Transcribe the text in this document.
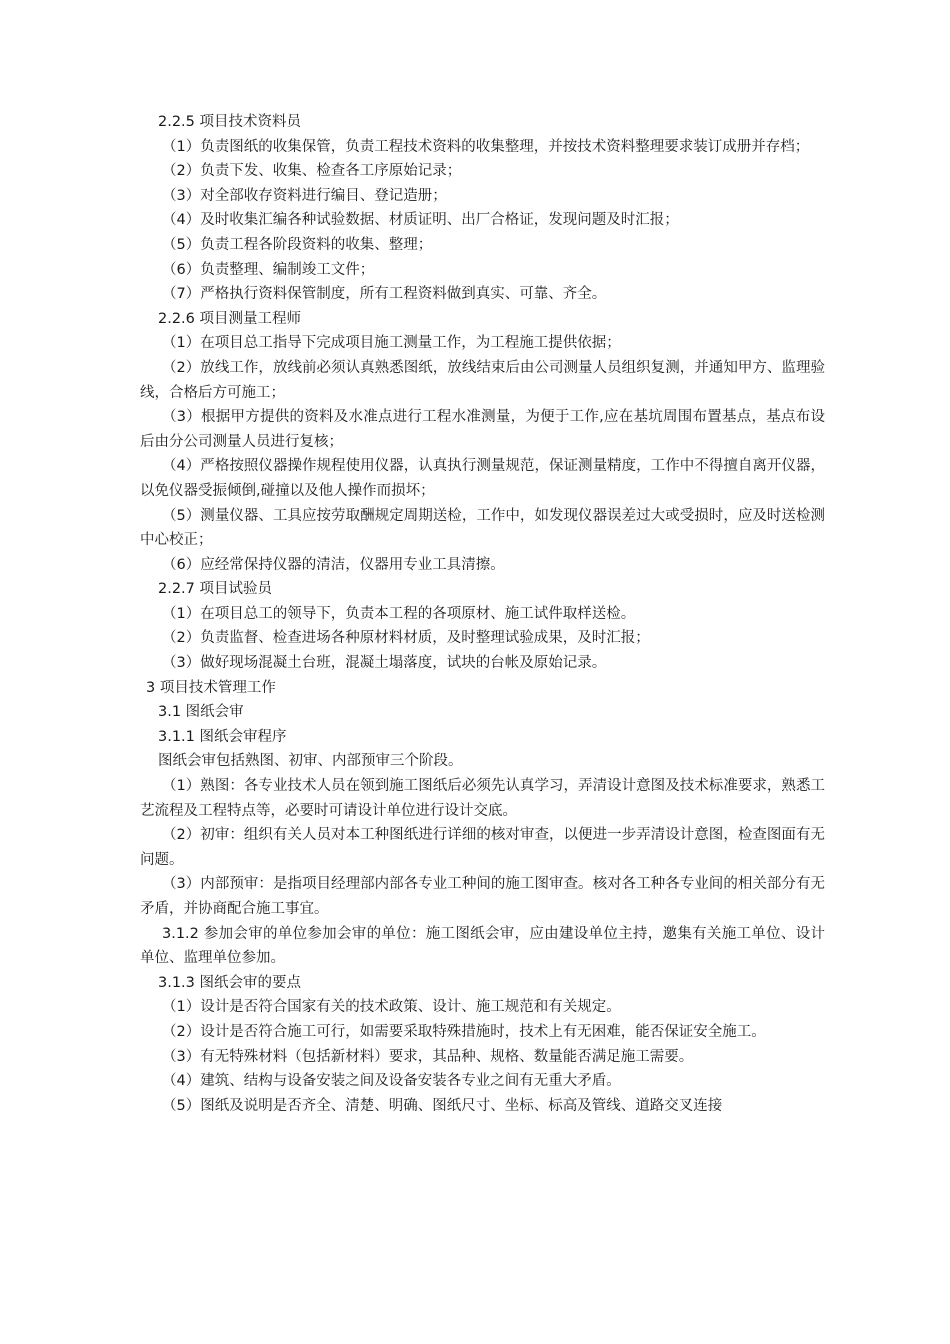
2.2.5 项目技术资料员

（1）负责图纸的收集保管，负责工程技术资料的收集整理，并按技术资料整理要求装订成册并存档；

（2）负责下发、收集、检查各工序原始记录；

（3）对全部收存资料进行编目、登记造册；

（4）及时收集汇编各种试验数据、材质证明、出厂合格证，发现问题及时汇报；

（5）负责工程各阶段资料的收集、整理；

（6）负责整理、编制竣工文件；

（7）严格执行资料保管制度，所有工程资料做到真实、可靠、齐全。

2.2.6 项目测量工程师

（1）在项目总工指导下完成项目施工测量工作，为工程施工提供依据；

（2）放线工作，放线前必须认真熟悉图纸，放线结束后由公司测量人员组织复测，并通知甲方、监理验线，合格后方可施工；

（3）根据甲方提供的资料及水准点进行工程水准测量，为便于工作,应在基坑周围布置基点，基点布设后由分公司测量人员进行复核；

（4）严格按照仪器操作规程使用仪器，认真执行测量规范，保证测量精度，工作中不得擅自离开仪器，以免仪器受振倾倒,碰撞以及他人操作而损坏；

（5）测量仪器、工具应按劳取酬规定周期送检，工作中，如发现仪器误差过大或受损时，应及时送检测中心校正；

（6）应经常保持仪器的清洁，仪器用专业工具清擦。

2.2.7 项目试验员

（1）在项目总工的领导下，负责本工程的各项原材、施工试件取样送检。

（2）负责监督、检查进场各种原材料材质，及时整理试验成果，及时汇报；

（3）做好现场混凝土台班，混凝土塌落度，试块的台帐及原始记录。

3 项目技术管理工作

3.1 图纸会审

3.1.1 图纸会审程序

图纸会审包括熟图、初审、内部预审三个阶段。

（1）熟图：各专业技术人员在领到施工图纸后必须先认真学习，弄清设计意图及技术标准要求，熟悉工艺流程及工程特点等，必要时可请设计单位进行设计交底。

（2）初审：组织有关人员对本工种图纸进行详细的核对审查，以便进一步弄清设计意图，检查图面有无问题。

（3）内部预审：是指项目经理部内部各专业工种间的施工图审查。核对各工种各专业间的相关部分有无矛盾，并协商配合施工事宜。

3.1.2 参加会审的单位参加会审的单位：施工图纸会审，应由建设单位主持，邀集有关施工单位、设计单位、监理单位参加。

3.1.3 图纸会审的要点

（1）设计是否符合国家有关的技术政策、设计、施工规范和有关规定。

（2）设计是否符合施工可行，如需要采取特殊措施时，技术上有无困难，能否保证安全施工。

（3）有无特殊材料（包括新材料）要求，其品种、规格、数量能否满足施工需要。

（4）建筑、结构与设备安装之间及设备安装各专业之间有无重大矛盾。

（5）图纸及说明是否齐全、清楚、明确、图纸尺寸、坐标、标高及管线、道路交叉连接
